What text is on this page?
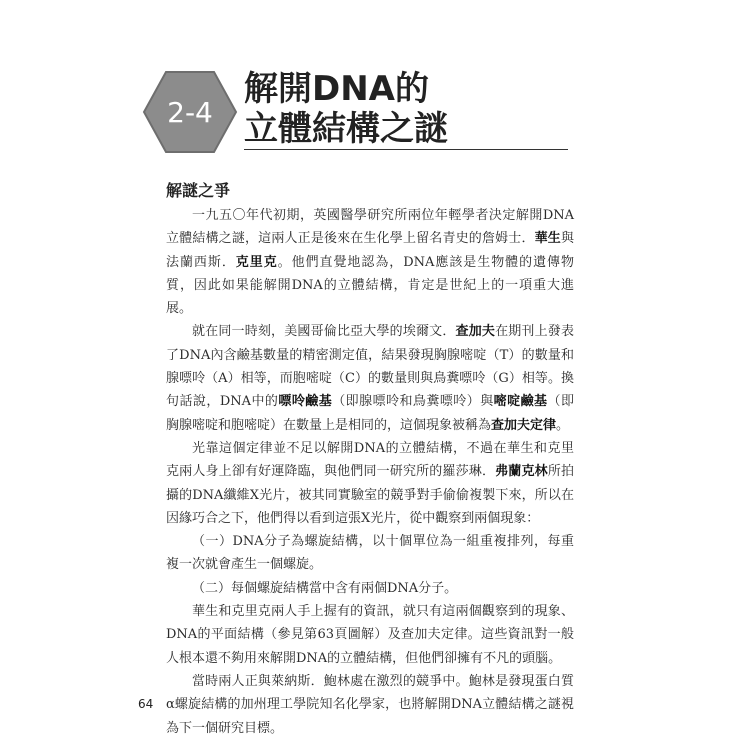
2-4
解開DNA的
立體結構之謎
解謎之爭

一九五〇年代初期，英國醫學研究所兩位年輕學者決定解開DNA立體結構之謎，這兩人正是後來在生化學上留名青史的詹姆士．華生與法蘭西斯．克里克。他們直覺地認為，DNA應該是生物體的遺傳物質，因此如果能解開DNA的立體結構，肯定是世紀上的一項重大進展。

就在同一時刻，美國哥倫比亞大學的埃爾文．查加夫在期刊上發表了DNA內含鹼基數量的精密測定值，結果發現胸腺嘧啶（T）的數量和腺嘌呤（A）相等，而胞嘧啶（C）的數量則與鳥糞嘌呤（G）相等。換句話說，DNA中的嘌呤鹼基（即腺嘌呤和鳥糞嘌呤）與嘧啶鹼基（即胸腺嘧啶和胞嘧啶）在數量上是相同的，這個現象被稱為查加夫定律。

光靠這個定律並不足以解開DNA的立體結構，不過在華生和克里克兩人身上卻有好運降臨，與他們同一研究所的羅莎琳．弗蘭克林所拍攝的DNA纖維X光片，被其同實驗室的競爭對手偷偷複製下來，所以在因緣巧合之下，他們得以看到這張X光片，從中觀察到兩個現象：

（一）DNA分子為螺旋結構，以十個單位為一組重複排列，每重複一次就會產生一個螺旋。

（二）每個螺旋結構當中含有兩個DNA分子。

華生和克里克兩人手上握有的資訊，就只有這兩個觀察到的現象、DNA的平面結構（參見第63頁圖解）及查加夫定律。這些資訊對一般人根本還不夠用來解開DNA的立體結構，但他們卻擁有不凡的頭腦。

當時兩人正與萊納斯．鮑林處在激烈的競爭中。鮑林是發現蛋白質α螺旋結構的加州理工學院知名化學家，也將解開DNA立體結構之謎視為下一個研究目標。

64
